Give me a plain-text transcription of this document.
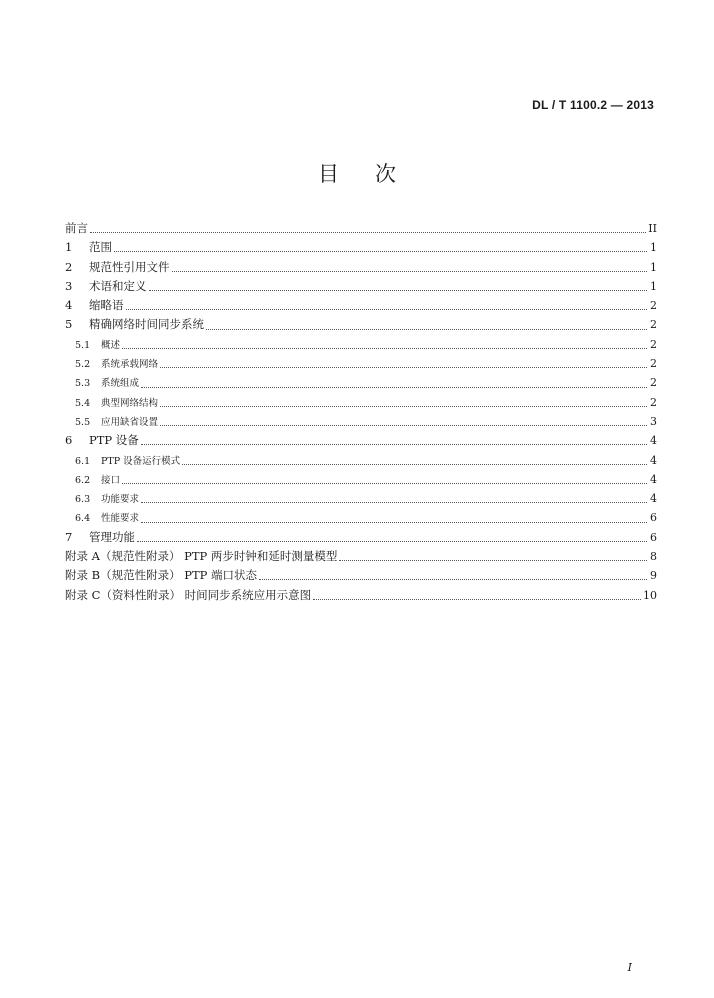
DL / T 1100.2 — 2013
目次
前言	II
1	范围	1
2	规范性引用文件	1
3	术语和定义	1
4	缩略语	2
5	精确网络时间同步系统	2
5.1	概述	2
5.2	系统承载网络	2
5.3	系统组成	2
5.4	典型网络结构	2
5.5	应用缺省设置	3
6	PTP 设备	4
6.1	PTP 设备运行模式	4
6.2	接口	4
6.3	功能要求	4
6.4	性能要求	6
7	管理功能	6
附录 A（规范性附录） PTP 两步时钟和延时测量模型	8
附录 B（规范性附录） PTP 端口状态	9
附录 C（资料性附录） 时间同步系统应用示意图	10
I
